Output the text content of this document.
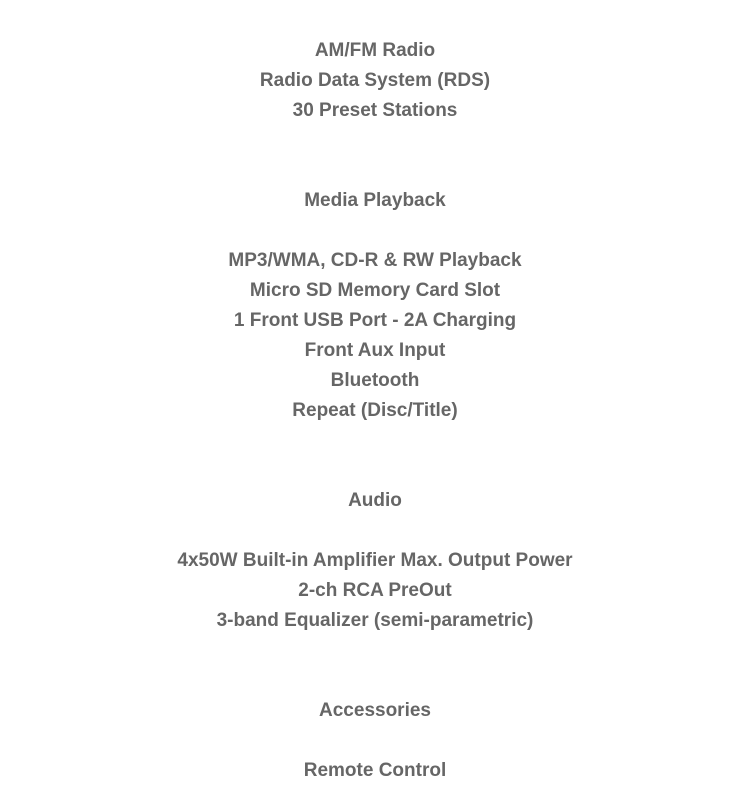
AM/FM Radio
Radio Data System (RDS)
30 Preset Stations
Media Playback
MP3/WMA, CD-R & RW Playback
Micro SD Memory Card Slot
1 Front USB Port - 2A Charging
Front Aux Input
Bluetooth
Repeat (Disc/Title)
Audio
4x50W Built-in Amplifier Max. Output Power
2-ch RCA PreOut
3-band Equalizer (semi-parametric)
Accessories
Remote Control
